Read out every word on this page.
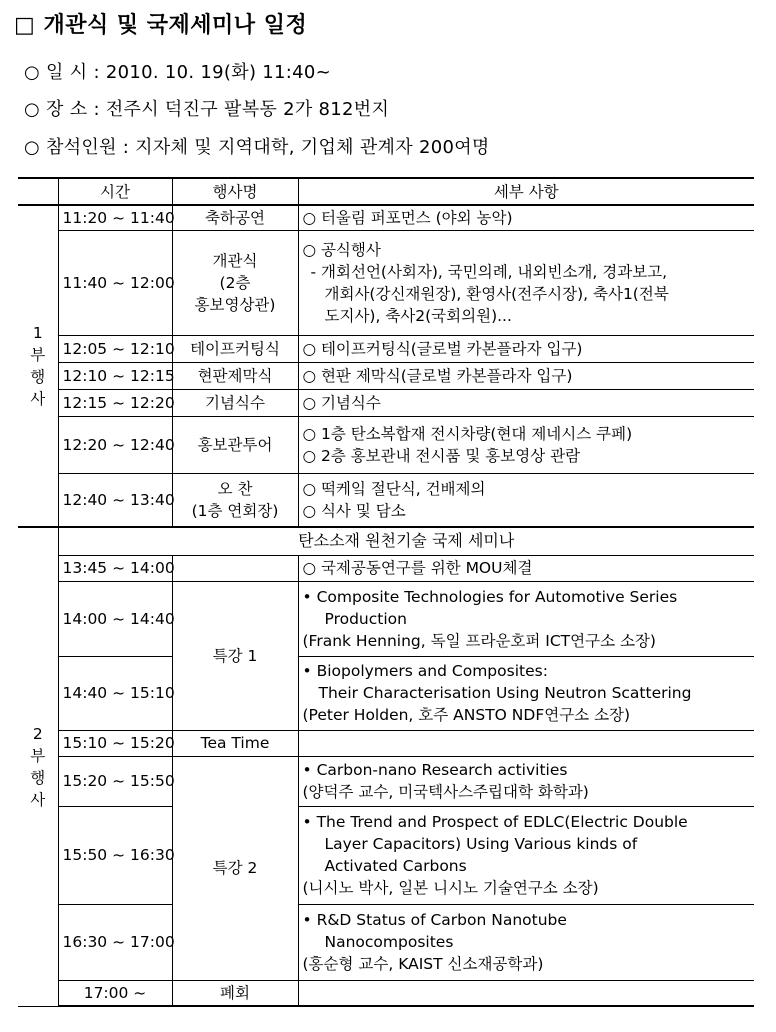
□ 개관식 및 국제세미나 일정
○ 일 시 : 2010. 10. 19(화) 11:40~
○ 장 소 : 전주시 덕진구 팔복동 2가 812번지
○ 참석인원 : 지자체 및 지역대학, 기업체 관계자 200여명
	시간	행사명	세부 사항

1
부
행
사	11:20 ~ 11:40	축하공연	○ 터울림 퍼포먼스 (야외 농악)
	11:40 ~ 12:00	개관식
(2층
홍보영상관)	○ 공식행사
- 개회선언(사회자), 국민의례, 내외빈소개, 경과보고,
개회사(강신재원장), 환영사(전주시장), 축사1(전북
도지사), 축사2(국회의원)...

	12:05 ~ 12:10	테이프커팅식	○ 테이프커팅식(글로벌 카본플라자 입구)
	12:10 ~ 12:15	현판제막식	○ 현판 제막식(글로벌 카본플라자 입구)
	12:15 ~ 12:20	기념식수	○ 기념식수
	12:20 ~ 12:40	홍보관투어	○ 1층 탄소복합재 전시차량(현대 제네시스 쿠페)
○ 2층 홍보관내 전시품 및 홍보영상 관람

	12:40 ~ 13:40	오 찬
(1층 연회장)	○ 떡케잌 절단식, 건배제의
○ 식사 및 담소

2
부
행
사	탄소소재 원천기술 국제 세미나		
	13:45 ~ 14:00		○ 국제공동연구를 위한 MOU체결
	14:00 ~ 14:40	특강 1	• Composite Technologies for Automotive Series
Production
(Frank Henning, 독일 프라운호퍼 ICT연구소 소장)

	14:40 ~ 15:10		• Biopolymers and Composites:
Their Characterisation Using Neutron Scattering
(Peter Holden, 호주 ANSTO NDF연구소 소장)

	15:10 ~ 15:20	Tea Time	
	15:20 ~ 15:50	특강 2	• Carbon-nano Research activities
(양덕주 교수, 미국텍사스주립대학 화학과)

	15:50 ~ 16:30		• The Trend and Prospect of EDLC(Electric Double
Layer Capacitors) Using Various kinds of
Activated Carbons
(니시노 박사, 일본 니시노 기술연구소 소장)

	16:30 ~ 17:00		• R&D Status of Carbon Nanotube
Nanocomposites
(홍순형 교수, KAIST 신소재공학과)

	17:00 ~	폐회	
